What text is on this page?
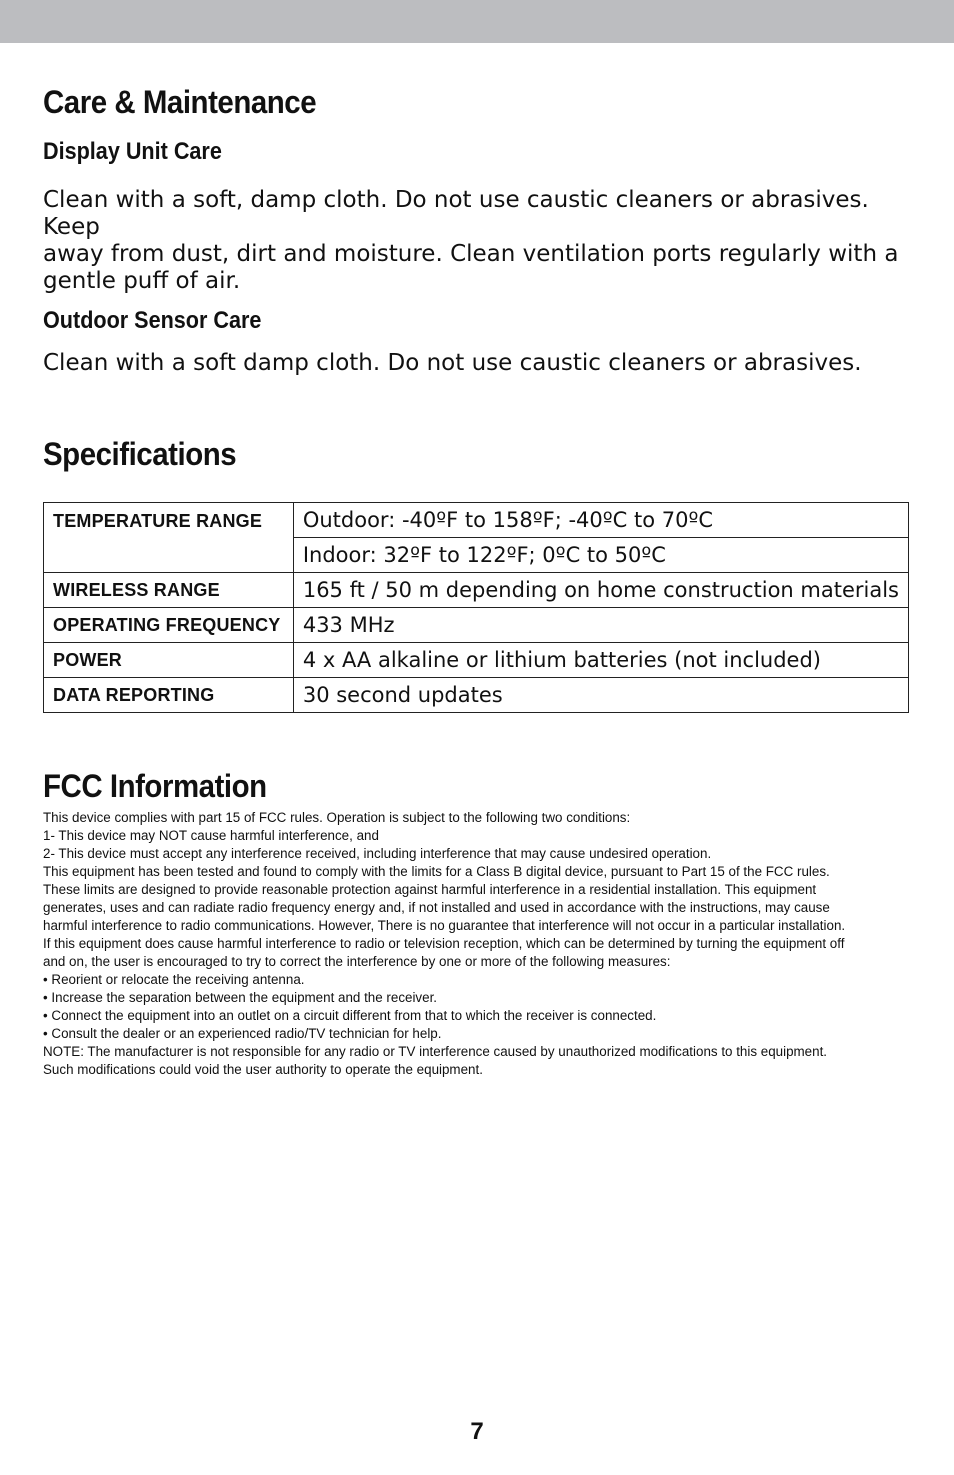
Care & Maintenance
Display Unit Care
Clean with a soft, damp cloth. Do not use caustic cleaners or abrasives. Keep
away from dust, dirt and moisture. Clean ventilation ports regularly with a
gentle puff of air.
Outdoor Sensor Care
Clean with a soft damp cloth. Do not use caustic cleaners or abrasives.
Specifications
TEMPERATURE RANGE	Outdoor: -40ºF to 158ºF; -40ºC to 70ºC
	Indoor: 32ºF to 122ºF; 0ºC to 50ºC
WIRELESS RANGE	165 ft / 50 m depending on home construction materials
OPERATING FREQUENCY	433 MHz
POWER	4 x AA alkaline or lithium batteries (not included)
DATA REPORTING	30 second updates
FCC Information
This device complies with part 15 of FCC rules. Operation is subject to the following two conditions:
1- This device may NOT cause harmful interference, and
2- This device must accept any interference received, including interference that may cause undesired operation.
This equipment has been tested and found to comply with the limits for a Class B digital device, pursuant to Part 15 of the FCC rules.
These limits are designed to provide reasonable protection against harmful interference in a residential installation. This equipment
generates, uses and can radiate radio frequency energy and, if not installed and used in accordance with the instructions, may cause
harmful interference to radio communications. However, There is no guarantee that interference will not occur in a particular installation.
If this equipment does cause harmful interference to radio or television reception, which can be determined by turning the equipment off
and on, the user is encouraged to try to correct the interference by one or more of the following measures:
• Reorient or relocate the receiving antenna.
• Increase the separation between the equipment and the receiver.
• Connect the equipment into an outlet on a circuit different from that to which the receiver is connected.
• Consult the dealer or an experienced radio/TV technician for help.
NOTE: The manufacturer is not responsible for any radio or TV interference caused by unauthorized modifications to this equipment.
Such modifications could void the user authority to operate the equipment.
7
